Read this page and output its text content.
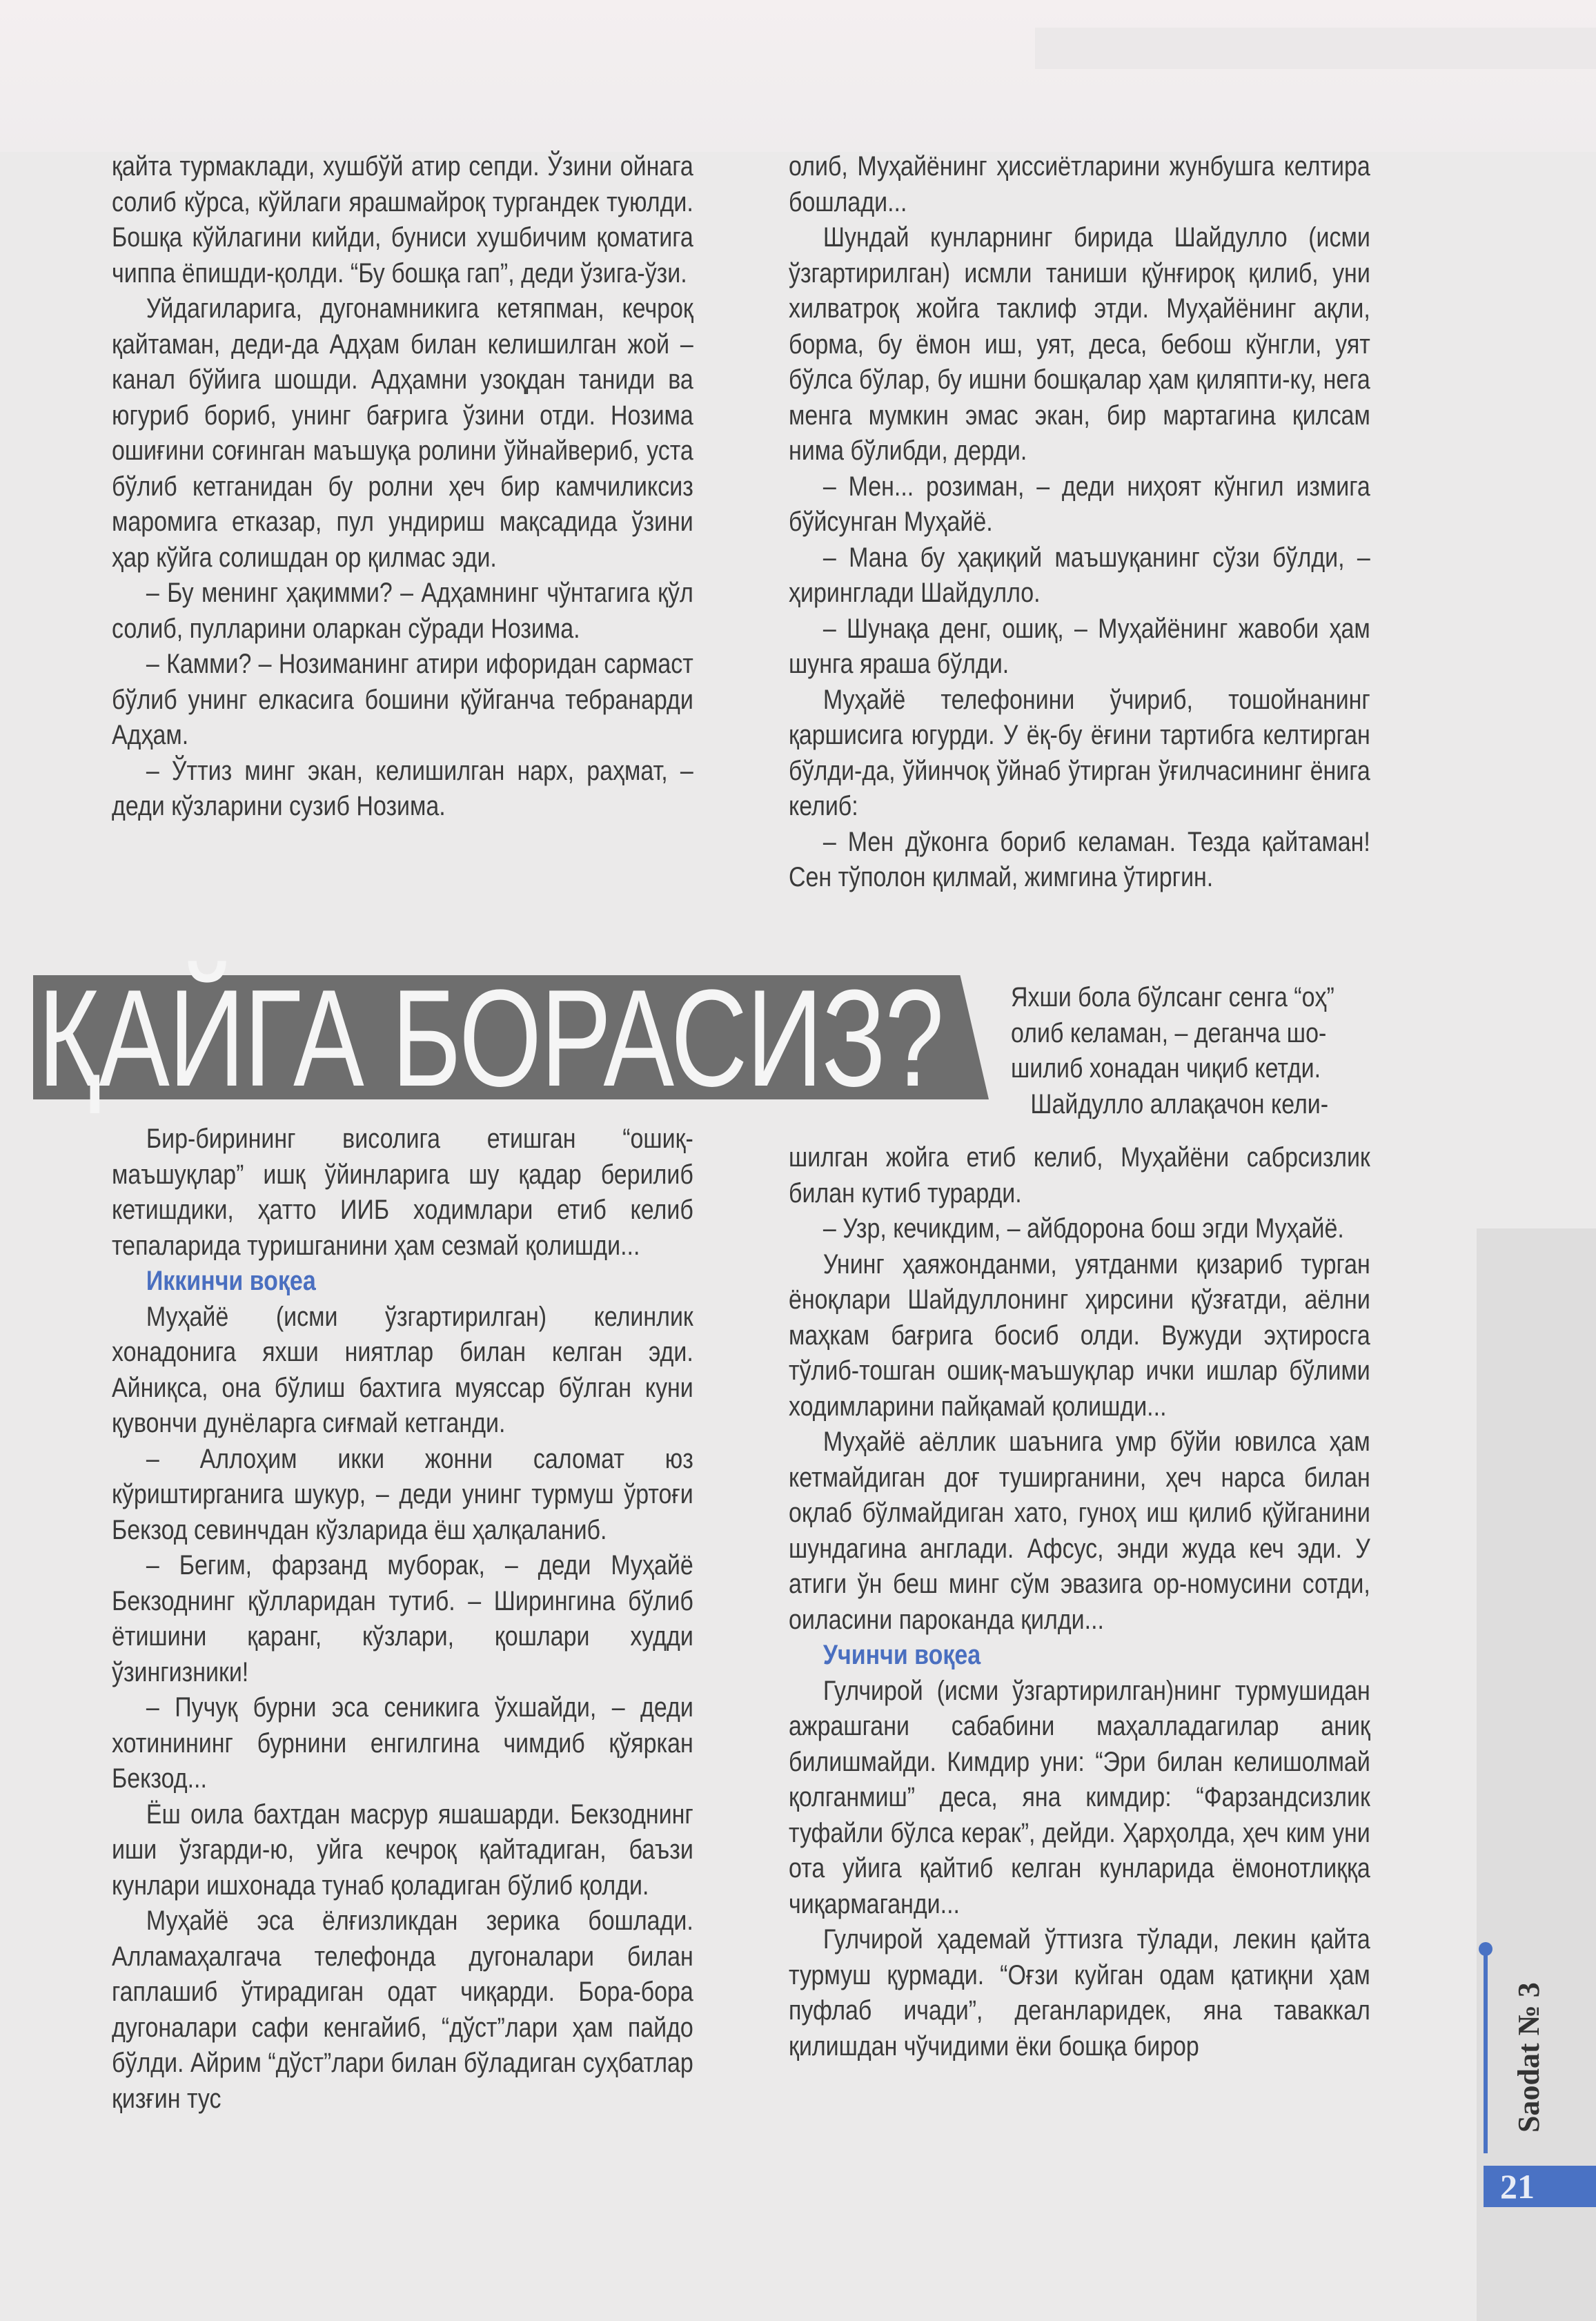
қайта турмаклади, хушбўй атир сепди. Ўзини ойнага солиб кўрса, кўйлаги ярашмайроқ тургандек туюлди. Бошқа кўйлагини кийди, буниси хушбичим қоматига чиппа ёпишди-қолди. “Бу бошқа гап”, деди ўзига-ўзи.

Уйдагиларига, дугонамникига кетяпман, кечроқ қайтаман, деди-да Адҳам билан келишилган жой – канал бўйига шошди. Адҳамни узоқдан таниди ва югуриб бориб, унинг бағрига ўзини отди. Нозима ошиғини соғинган маъшуқа ролини ўйнайвериб, уста бўлиб кетганидан бу ролни ҳеч бир камчиликсиз маромига етказар, пул ундириш мақсадида ўзини ҳар кўйга солишдан ор қилмас эди.

– Бу менинг ҳақимми? – Адҳамнинг чўнтагига қўл солиб, пулларини оларкан сўради Нозима.

– Камми? – Нозиманинг атири ифоридан сармаст бўлиб унинг елкасига бошини қўйганча тебранарди Адҳам.

– Ўттиз минг экан, келишилган нарх, раҳмат, – деди кўзларини сузиб Нозима.

ҚАЙГА БОРАСИЗ?

Бир-бирининг висолига етишган “ошиқ-маъшуқлар” ишқ ўйинларига шу қадар берилиб кетишдики, ҳатто ИИБ ходимлари етиб келиб тепаларида туришганини ҳам сезмай қолишди...

Иккинчи воқеа

Муҳайё (исми ўзгартирилган) келинлик хонадонига яхши ниятлар билан келган эди. Айниқса, она бўлиш бахтига муяссар бўлган куни қувончи дунёларга сиғмай кетганди.

– Аллоҳим икки жонни саломат юз кўриштирганига шукур, – деди унинг турмуш ўртоғи Бекзод севинчдан кўзларида ёш ҳалқаланиб.

– Бегим, фарзанд муборак, – деди Муҳайё Бекзоднинг қўлларидан тутиб. – Ширингина бўлиб ётишини қаранг, кўзлари, қошлари худди ўзингизники!

– Пучуқ бурни эса сеникига ўхшайди, – деди хотинининг бурнини енгилгина чимдиб қўяркан Бекзод...

Ёш оила бахтдан масрур яшашарди. Бекзоднинг иши ўзгарди-ю, уйга кечроқ қайтадиган, баъзи кунлари ишхонада тунаб қоладиган бўлиб қолди.

Муҳайё эса ёлғизликдан зерика бошлади. Алламаҳалгача телефонда дугоналари билан гаплашиб ўтирадиган одат чиқарди. Бора-бора дугоналари сафи кенгайиб, “дўст”лари ҳам пайдо бўлди. Айрим “дўст”лари билан бўладиган суҳбатлар қизғин тус

олиб, Муҳайёнинг ҳиссиётларини жунбушга келтира бошлади...

Шундай кунларнинг бирида Шайдулло (исми ўзгартирилган) исмли таниши қўнғироқ қилиб, уни хилватроқ жойга таклиф этди. Муҳайёнинг ақли, борма, бу ёмон иш, уят, деса, бебош кўнгли, уят бўлса бўлар, бу ишни бошқалар ҳам қиляпти-ку, нега менга мумкин эмас экан, бир мартагина қилсам нима бўлибди, дерди.

– Мен... розиман, – деди ниҳоят кўнгил измига бўйсунган Муҳайё.

– Мана бу ҳақиқий маъшуқанинг сўзи бўлди, – ҳиринглади Шайдулло.

– Шунақа денг, ошиқ, – Муҳайёнинг жавоби ҳам шунга яраша бўлди.

Муҳайё телефонини ўчириб, тошойнанинг қаршисига югурди. У ёқ-бу ёғини тартибга келтирган бўлди-да, ўйинчоқ ўйнаб ўтирган ўғилчасининг ёнига келиб:

– Мен дўконга бориб келаман. Тезда қайтаман! Сен тўполон қилмай, жимгина ўтиргин.

Яхши бола бўлсанг сенга “оҳ”
олиб келаман, – деганча шо-
шилиб хонадан чиқиб кетди.
Шайдулло аллақачон кели-

шилган жойга етиб келиб, Муҳайёни сабрсизлик билан кутиб турарди.

– Узр, кечикдим, – айбдорона бош эгди Муҳайё.

Унинг ҳаяжонданми, уятданми қизариб турган ёноқлари Шайдуллонинг ҳирсини қўзғатди, аёлни маҳкам бағрига босиб олди. Вужуди эҳтиросга тўлиб-тошган ошиқ-маъшуқлар ички ишлар бўлими ходимларини пайқамай қолишди...

Муҳайё аёллик шаънига умр бўйи ювилса ҳам кетмайдиган доғ туширганини, ҳеч нарса билан оқлаб бўлмайдиган хато, гуноҳ иш қилиб қўйганини шундагина англади. Афсус, энди жуда кеч эди. У атиги ўн беш минг сўм эвазига ор-номусини сотди, оиласини пароканда қилди...

Учинчи воқеа

Гулчирой (исми ўзгартирилган)нинг турмушидан ажрашгани сабабини маҳалладагилар аниқ билишмайди. Кимдир уни: “Эри билан келишолмай қолганмиш” деса, яна кимдир: “Фарзандсизлик туфайли бўлса керак”, дейди. Ҳарҳолда, ҳеч ким уни ота уйига қайтиб келган кунларида ёмонотлиққа чиқармаганди...

Гулчирой ҳадемай ўттизга тўлади, лекин қайта турмуш қурмади. “Оғзи куйган одам қатиқни ҳам пуфлаб ичади”, деганларидек, яна таваккал қилишдан чўчидими ёки бошқа бирор	Saodat № 3
21
